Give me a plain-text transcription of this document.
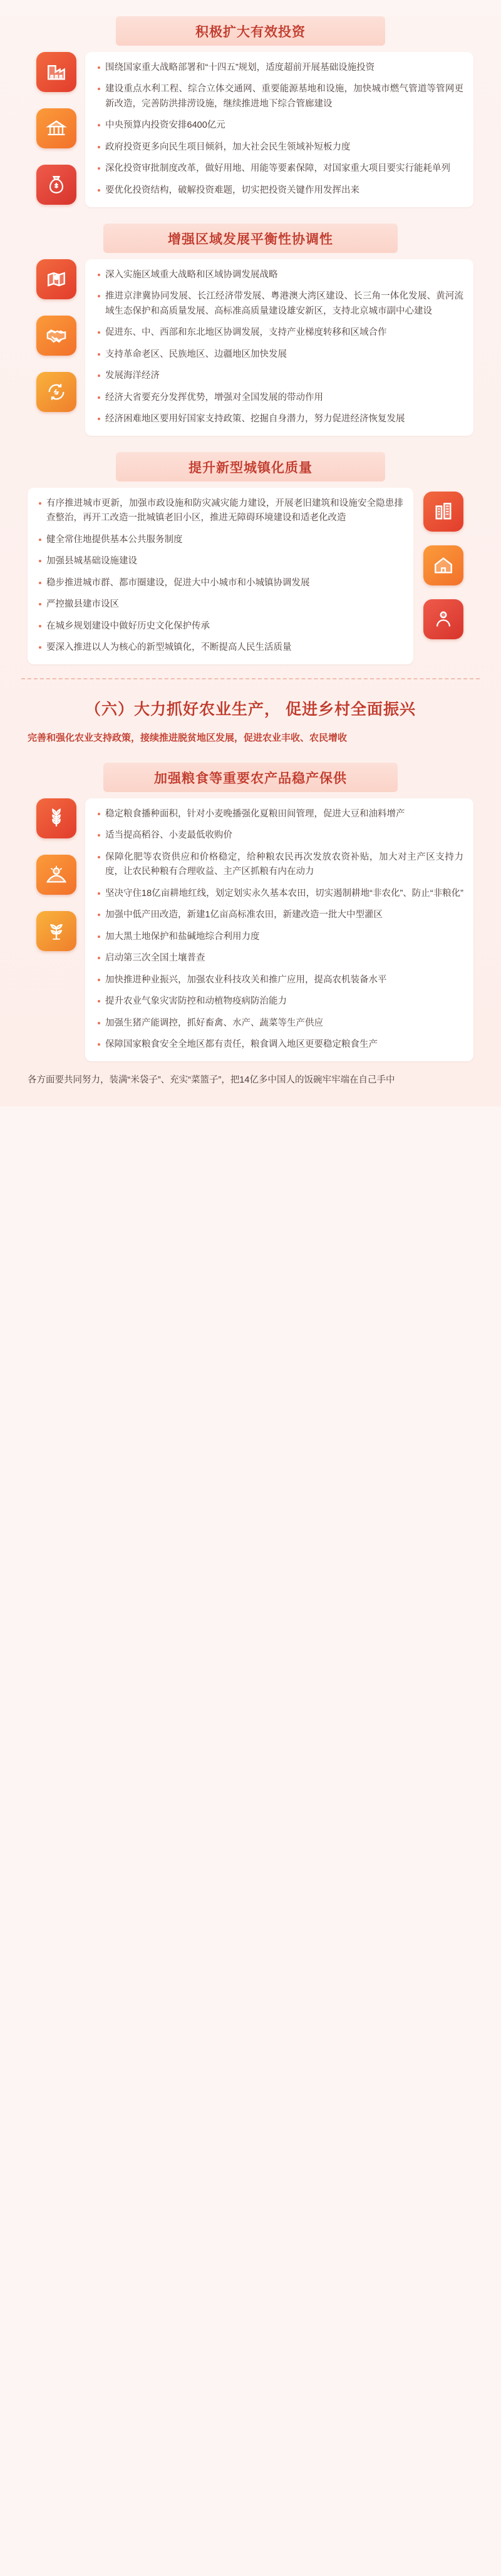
积极扩大有效投资
围绕国家重大战略部署和“十四五”规划，适度超前开展基础设施投资
建设重点水利工程、综合立体交通网、重要能源基地和设施，加快城市燃气管道等管网更新改造，完善防洪排涝设施，继续推进地下综合管廊建设
中央预算内投资安排6400亿元
政府投资更多向民生项目倾斜，加大社会民生领域补短板力度
深化投资审批制度改革，做好用地、用能等要素保障，对国家重大项目要实行能耗单列
要优化投资结构，破解投资难题，切实把投资关键作用发挥出来
增强区域发展平衡性协调性
深入实施区域重大战略和区域协调发展战略
推进京津冀协同发展、长江经济带发展、粤港澳大湾区建设、长三角一体化发展、黄河流域生态保护和高质量发展、高标准高质量建设雄安新区，支持北京城市副中心建设
促进东、中、西部和东北地区协调发展，支持产业梯度转移和区域合作
支持革命老区、民族地区、边疆地区加快发展
发展海洋经济
经济大省要充分发挥优势，增强对全国发展的带动作用
经济困难地区要用好国家支持政策、挖掘自身潜力，努力促进经济恢复发展
提升新型城镇化质量
有序推进城市更新，加强市政设施和防灾减灾能力建设，开展老旧建筑和设施安全隐患排查整治，再开工改造一批城镇老旧小区，推进无障碍环境建设和适老化改造
健全常住地提供基本公共服务制度
加强县城基础设施建设
稳步推进城市群、都市圈建设，促进大中小城市和小城镇协调发展
严控撤县建市设区
在城乡规划建设中做好历史文化保护传承
要深入推进以人为核心的新型城镇化，不断提高人民生活质量
（六）大力抓好农业生产， 促进乡村全面振兴
完善和强化农业支持政策，接续推进脱贫地区发展，促进农业丰收、农民增收
加强粮食等重要农产品稳产保供
稳定粮食播种面积，针对小麦晚播强化夏粮田间管理，促进大豆和油料增产
适当提高稻谷、小麦最低收购价
保障化肥等农资供应和价格稳定，给种粮农民再次发放农资补贴，加大对主产区支持力度，让农民种粮有合理收益、主产区抓粮有内在动力
坚决守住18亿亩耕地红线，划定划实永久基本农田，切实遏制耕地“非农化”、防止“非粮化”
加强中低产田改造，新建1亿亩高标准农田，新建改造一批大中型灌区
加大黑土地保护和盐碱地综合利用力度
启动第三次全国土壤普查
加快推进种业振兴，加强农业科技攻关和推广应用，提高农机装备水平
提升农业气象灾害防控和动植物疫病防治能力
加强生猪产能调控，抓好畜禽、水产、蔬菜等生产供应
保障国家粮食安全全地区都有责任，粮食调入地区更要稳定粮食生产
各方面要共同努力，装满“米袋子”、充实“菜篮子”，把14亿多中国人的饭碗牢牢端在自己手中
